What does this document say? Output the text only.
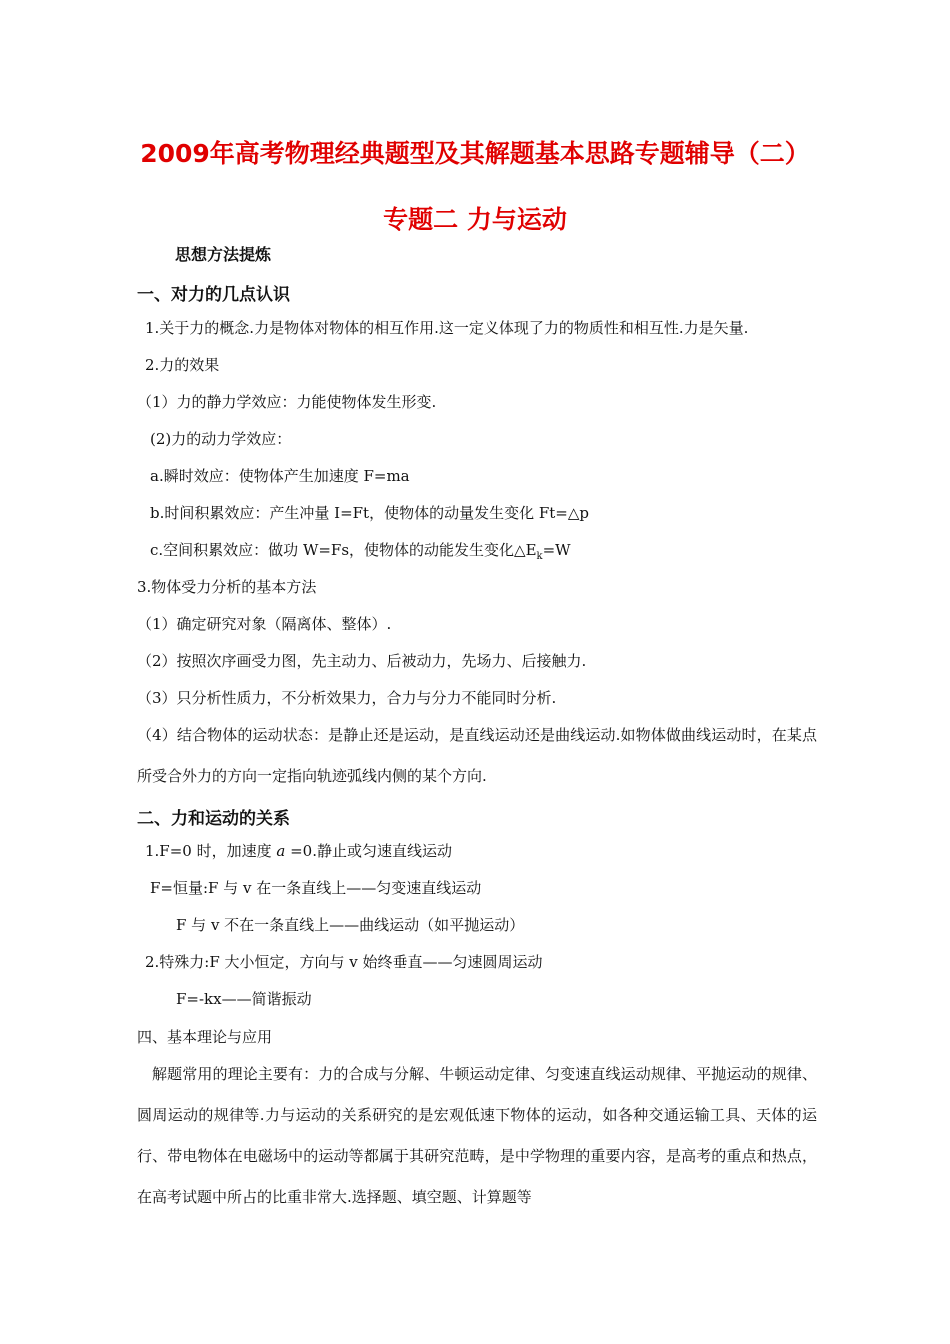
2009年高考物理经典题型及其解题基本思路专题辅导（二）
专题二 力与运动
思想方法提炼
一、对力的几点认识
1.关于力的概念.力是物体对物体的相互作用.这一定义体现了力的物质性和相互性.力是矢量.
2.力的效果
（1）力的静力学效应：力能使物体发生形变.
(2)力的动力学效应：
a.瞬时效应：使物体产生加速度 F=ma
b.时间积累效应：产生冲量 I=Ft，使物体的动量发生变化 Ft=△p
c.空间积累效应：做功 W=Fs，使物体的动能发生变化$\triangle E_k=W$
3.物体受力分析的基本方法
（1）确定研究对象（隔离体、整体）.
（2）按照次序画受力图，先主动力、后被动力，先场力、后接触力.
（3）只分析性质力，不分析效果力，合力与分力不能同时分析.
（4）结合物体的运动状态：是静止还是运动，是直线运动还是曲线运动.如物体做曲线运动时，在某点所受合外力的方向一定指向轨迹弧线内侧的某个方向.
二、力和运动的关系
1.F=0 时，加速度 a =0.静止或匀速直线运动
F=恒量:F 与 v 在一条直线上——匀变速直线运动
F 与 v 不在一条直线上——曲线运动（如平抛运动）
2.特殊力:F 大小恒定，方向与 v 始终垂直——匀速圆周运动
F=-kx——简谐振动
四、基本理论与应用
解题常用的理论主要有：力的合成与分解、牛顿运动定律、匀变速直线运动规律、平抛运动的规律、圆周运动的规律等.力与运动的关系研究的是宏观低速下物体的运动，如各种交通运输工具、天体的运行、带电物体在电磁场中的运动等都属于其研究范畴，是中学物理的重要内容，是高考的重点和热点，在高考试题中所占的比重非常大.选择题、填空题、计算题等
